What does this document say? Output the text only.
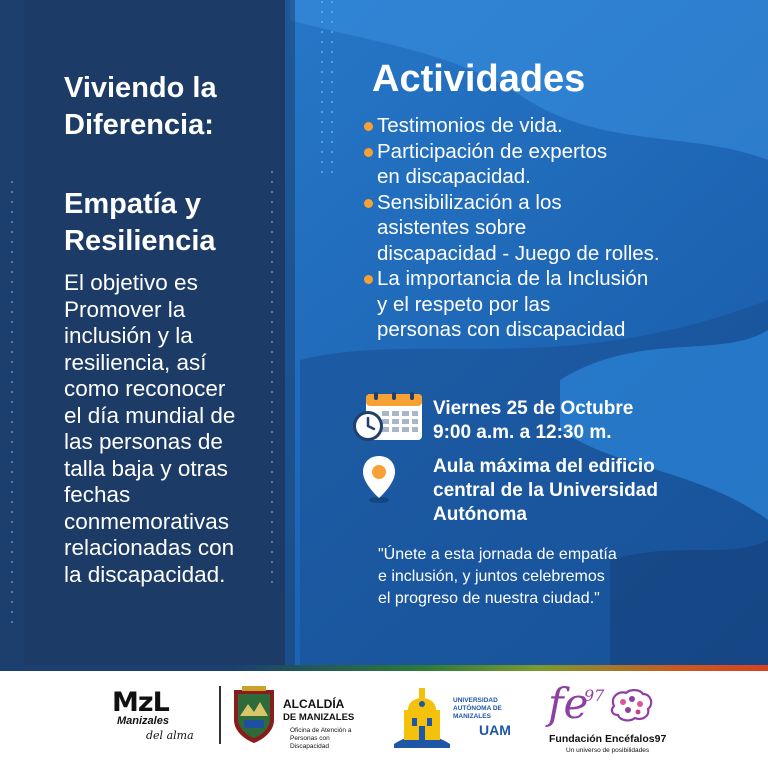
Viviendo la
Diferencia:
Empatía y
Resiliencia
El objetivo es
Promover la
inclusión y la
resiliencia, así
como reconocer
el día mundial de
las personas de
talla baja y otras
fechas
conmemorativas
relacionadas con
la discapacidad.
Actividades
Testimonios de vida.
Participación de expertos
en discapacidad.
Sensibilización a los
asistentes sobre
discapacidad - Juego de rolles.
La importancia de la Inclusión
y el respeto por las
personas con discapacidad
Viernes 25 de Octubre
9:00 a.m. a 12:30 m.
Aula máxima del edificio
central de la Universidad
Autónoma
"Únete a esta jornada de empatía
e inclusión, y juntos celebremos
el progreso de nuestra ciudad."
MzL
Manizales
del alma
ALCALDÍA
DE MANIZALES
Oficina de Atención a Personas con Discapacidad
UNIVERSIDAD AUTÓNOMA DE MANIZALES
UAM
fe
97
Fundación Encéfalos97
Un universo de posibilidades
